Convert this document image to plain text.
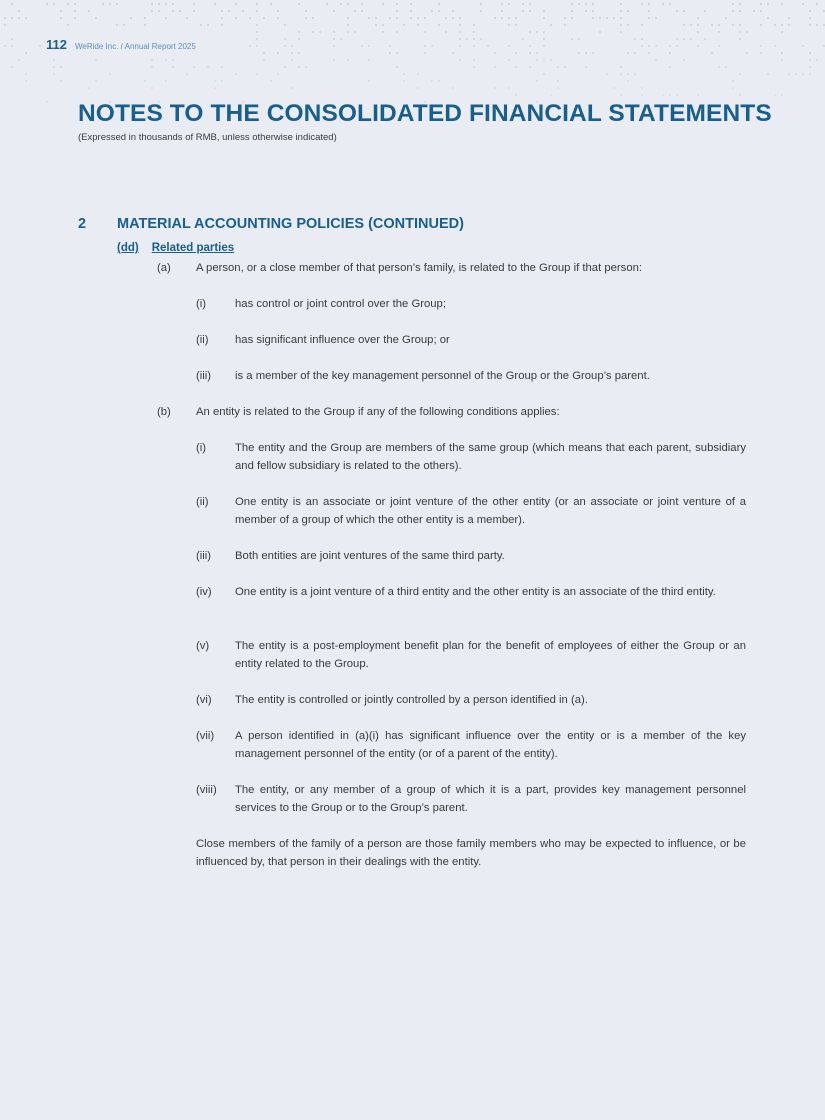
112 WeRide Inc. / Annual Report 2025
NOTES TO THE CONSOLIDATED FINANCIAL STATEMENTS
(Expressed in thousands of RMB, unless otherwise indicated)
2	MATERIAL ACCOUNTING POLICIES (CONTINUED)
(dd) Related parties
(a) A person, or a close member of that person’s family, is related to the Group if that person:
(i)	has control or joint control over the Group;
(ii) has significant influence over the Group; or
(iii) is a member of the key management personnel of the Group or the Group’s parent.
(b) An entity is related to the Group if any of the following conditions applies:
(i)	The entity and the Group are members of the same group (which means that each parent, subsidiary and fellow subsidiary is related to the others).
(ii) One entity is an associate or joint venture of the other entity (or an associate or joint venture of a member of a group of which the other entity is a member).
(iii) Both entities are joint ventures of the same third party.
(iv) One entity is a joint venture of a third entity and the other entity is an associate of the third entity.
(v) The entity is a post-employment benefit plan for the benefit of employees of either the Group or an entity related to the Group.
(vi) The entity is controlled or jointly controlled by a person identified in (a).
(vii) A person identified in (a)(i) has significant influence over the entity or is a member of the key management personnel of the entity (or of a parent of the entity).
(viii) The entity, or any member of a group of which it is a part, provides key management personnel services to the Group or to the Group’s parent.
Close members of the family of a person are those family members who may be expected to influence, or be influenced by, that person in their dealings with the entity.
